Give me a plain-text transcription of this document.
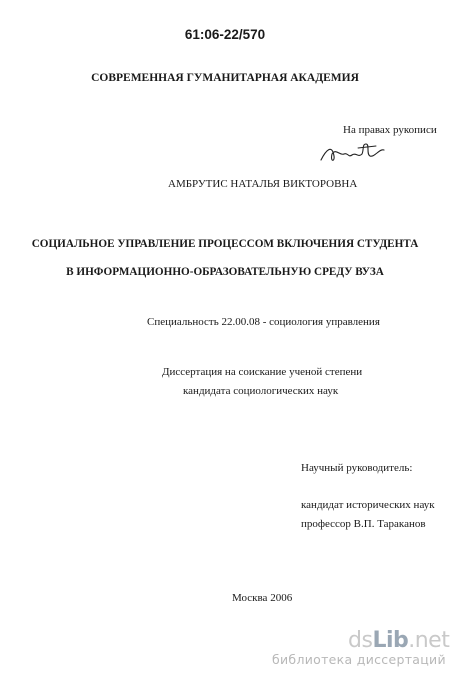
61:06-22/570
СОВРЕМЕННАЯ ГУМАНИТАРНАЯ АКАДЕМИЯ
На правах рукописи
АМБРУТИС НАТАЛЬЯ ВИКТОРОВНА
СОЦИАЛЬНОЕ УПРАВЛЕНИЕ ПРОЦЕССОМ ВКЛЮЧЕНИЯ СТУДЕНТА
В ИНФОРМАЦИОННО-ОБРАЗОВАТЕЛЬНУЮ СРЕДУ ВУЗА
Специальность 22.00.08 - социология управления
Диссертация на соискание ученой степени
кандидата социологических наук
Научный руководитель:
кандидат исторических наук
профессор В.П. Тараканов
Москва 2006
dsLib.net
библиотека диссертаций
